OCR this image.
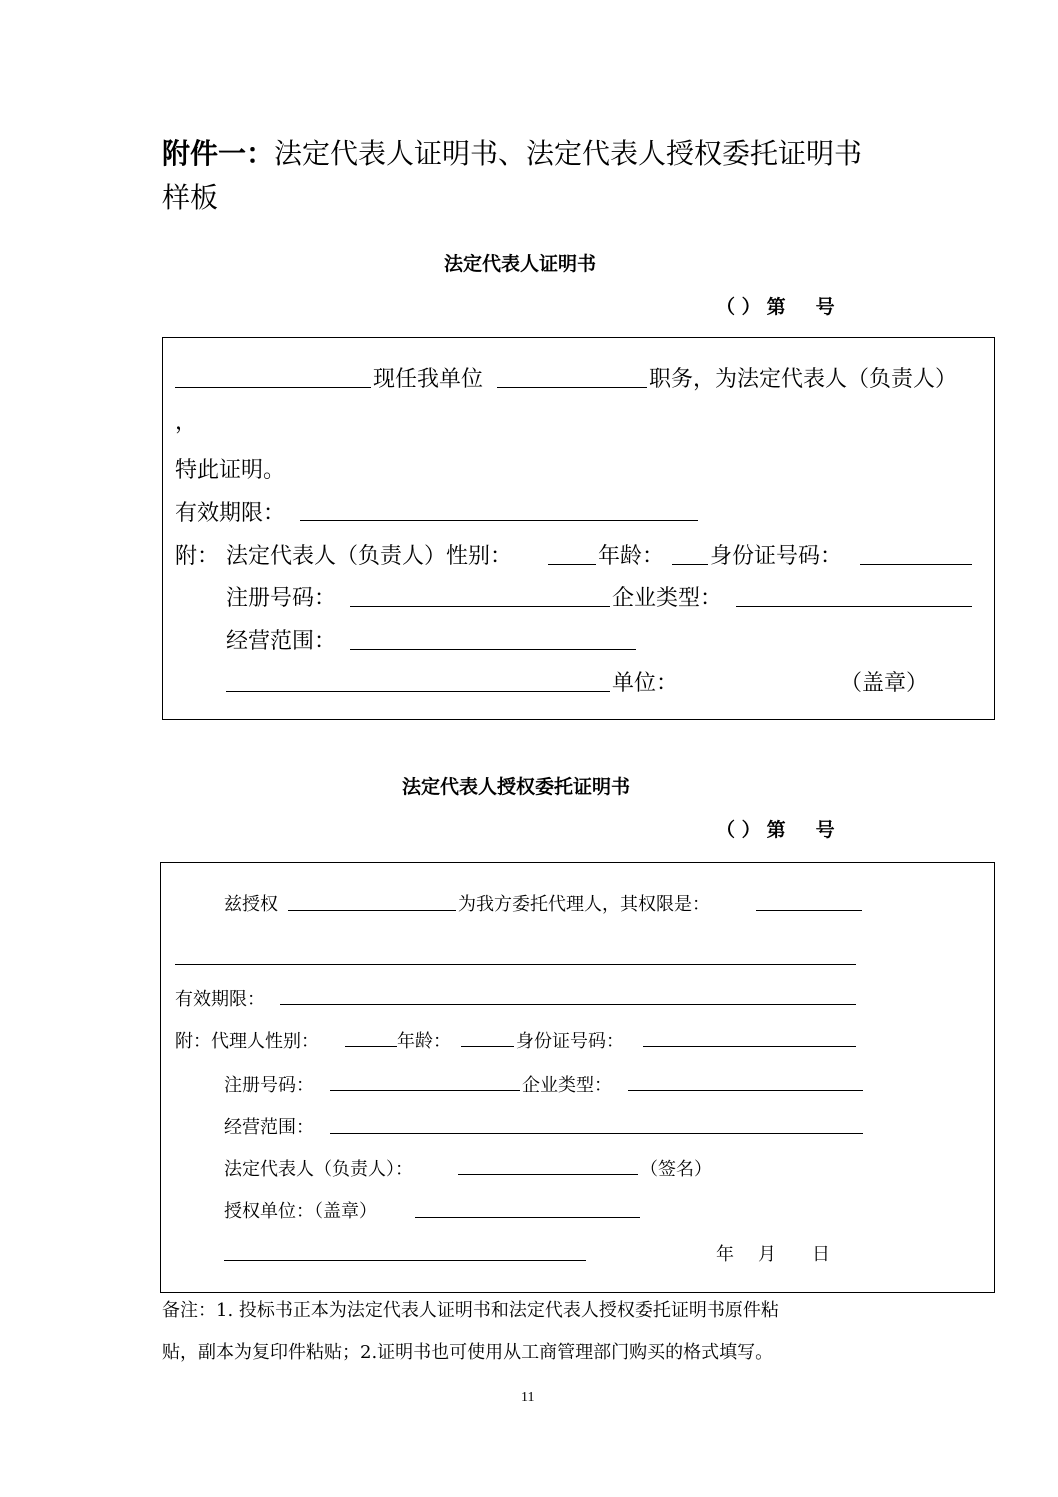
附件一：法定代表人证明书、法定代表人授权委托证明书
样板
法定代表人证明书
（ ） 第 号
现任我单位	职务，为法定代表人（负责人）
，
特此证明。
有效期限：
附： 法定代表人（负责人）性别：	年龄： 身份证号码：
注册号码：	企业类型：
经营范围：
单位：	（盖章）
法定代表人授权委托证明书
（ ） 第 号
兹授权	为我方委托代理人，其权限是：
有效期限：
附：代理人性别：	年龄：	身份证号码：
注册号码：	企业类型：
经营范围：
法定代表人（负责人）：	（签名）
授权单位：（盖章）
年 月 日
备注：1. 投标书正本为法定代表人证明书和法定代表人授权委托证明书原件粘
贴，副本为复印件粘贴；2.证明书也可使用从工商管理部门购买的格式填写。
11
